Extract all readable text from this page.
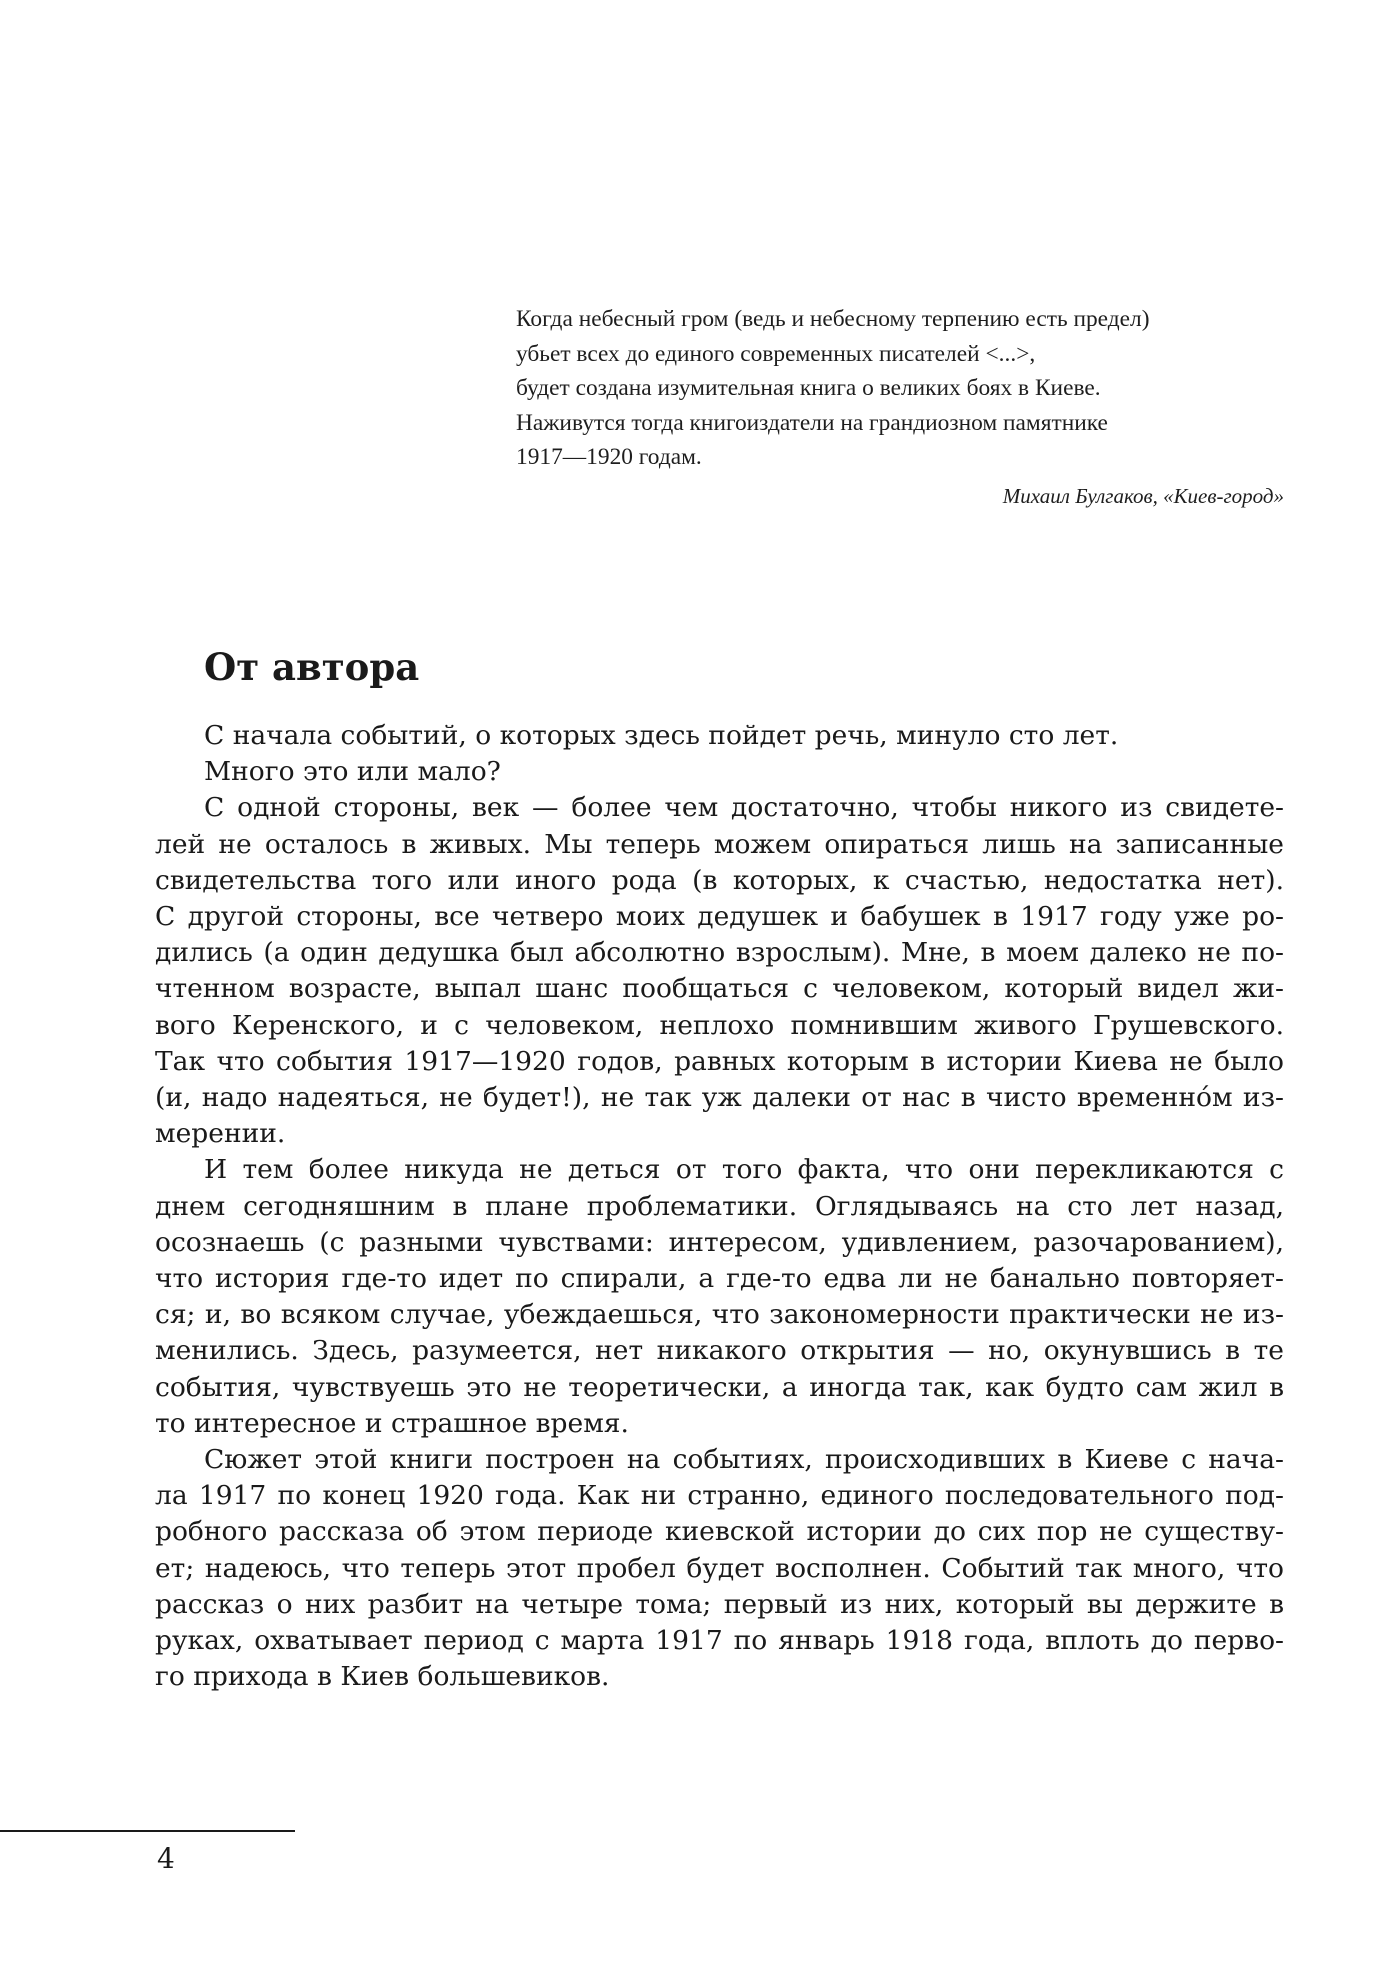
Когда небесный гром (ведь и небесному терпению есть предел)
убьет всех до единого современных писателей <...>,
будет создана изумительная книга о великих боях в Киеве.
Наживутся тогда книгоиздатели на грандиозном памятнике
1917—1920 годам.
Михаил Булгаков, «Киев-город»
От автора
С начала событий, о которых здесь пойдет речь, минуло сто лет.
Много это или мало?
С одной стороны, век — более чем достаточно, чтобы никого из свидете-
лей не осталось в живых. Мы теперь можем опираться лишь на записанные
свидетельства того или иного рода (в которых, к счастью, недостатка нет).
С другой стороны, все четверо моих дедушек и бабушек в 1917 году уже ро-
дились (а один дедушка был абсолютно взрослым). Мне, в моем далеко не по-
чтенном возрасте, выпал шанс пообщаться с человеком, который видел жи-
вого Керенского, и с человеком, неплохо помнившим живого Грушевского.
Так что события 1917—1920 годов, равных которым в истории Киева не было
(и, надо надеяться, не будет!), не так уж далеки от нас в чисто временно́м из-
мерении.
И тем более никуда не деться от того факта, что они перекликаются с
днем сегодняшним в плане проблематики. Оглядываясь на сто лет назад,
осознаешь (с разными чувствами: интересом, удивлением, разочарованием),
что история где-то идет по спирали, а где-то едва ли не банально повторяет-
ся; и, во всяком случае, убеждаешься, что закономерности практически не из-
менились. Здесь, разумеется, нет никакого открытия — но, окунувшись в те
события, чувствуешь это не теоретически, а иногда так, как будто сам жил в
то интересное и страшное время.
Сюжет этой книги построен на событиях, происходивших в Киеве с нача-
ла 1917 по конец 1920 года. Как ни странно, единого последовательного под-
робного рассказа об этом периоде киевской истории до сих пор не существу-
ет; надеюсь, что теперь этот пробел будет восполнен. Событий так много, что
рассказ о них разбит на четыре тома; первый из них, который вы держите в
руках, охватывает период с марта 1917 по январь 1918 года, вплоть до перво-
го прихода в Киев большевиков.
4
